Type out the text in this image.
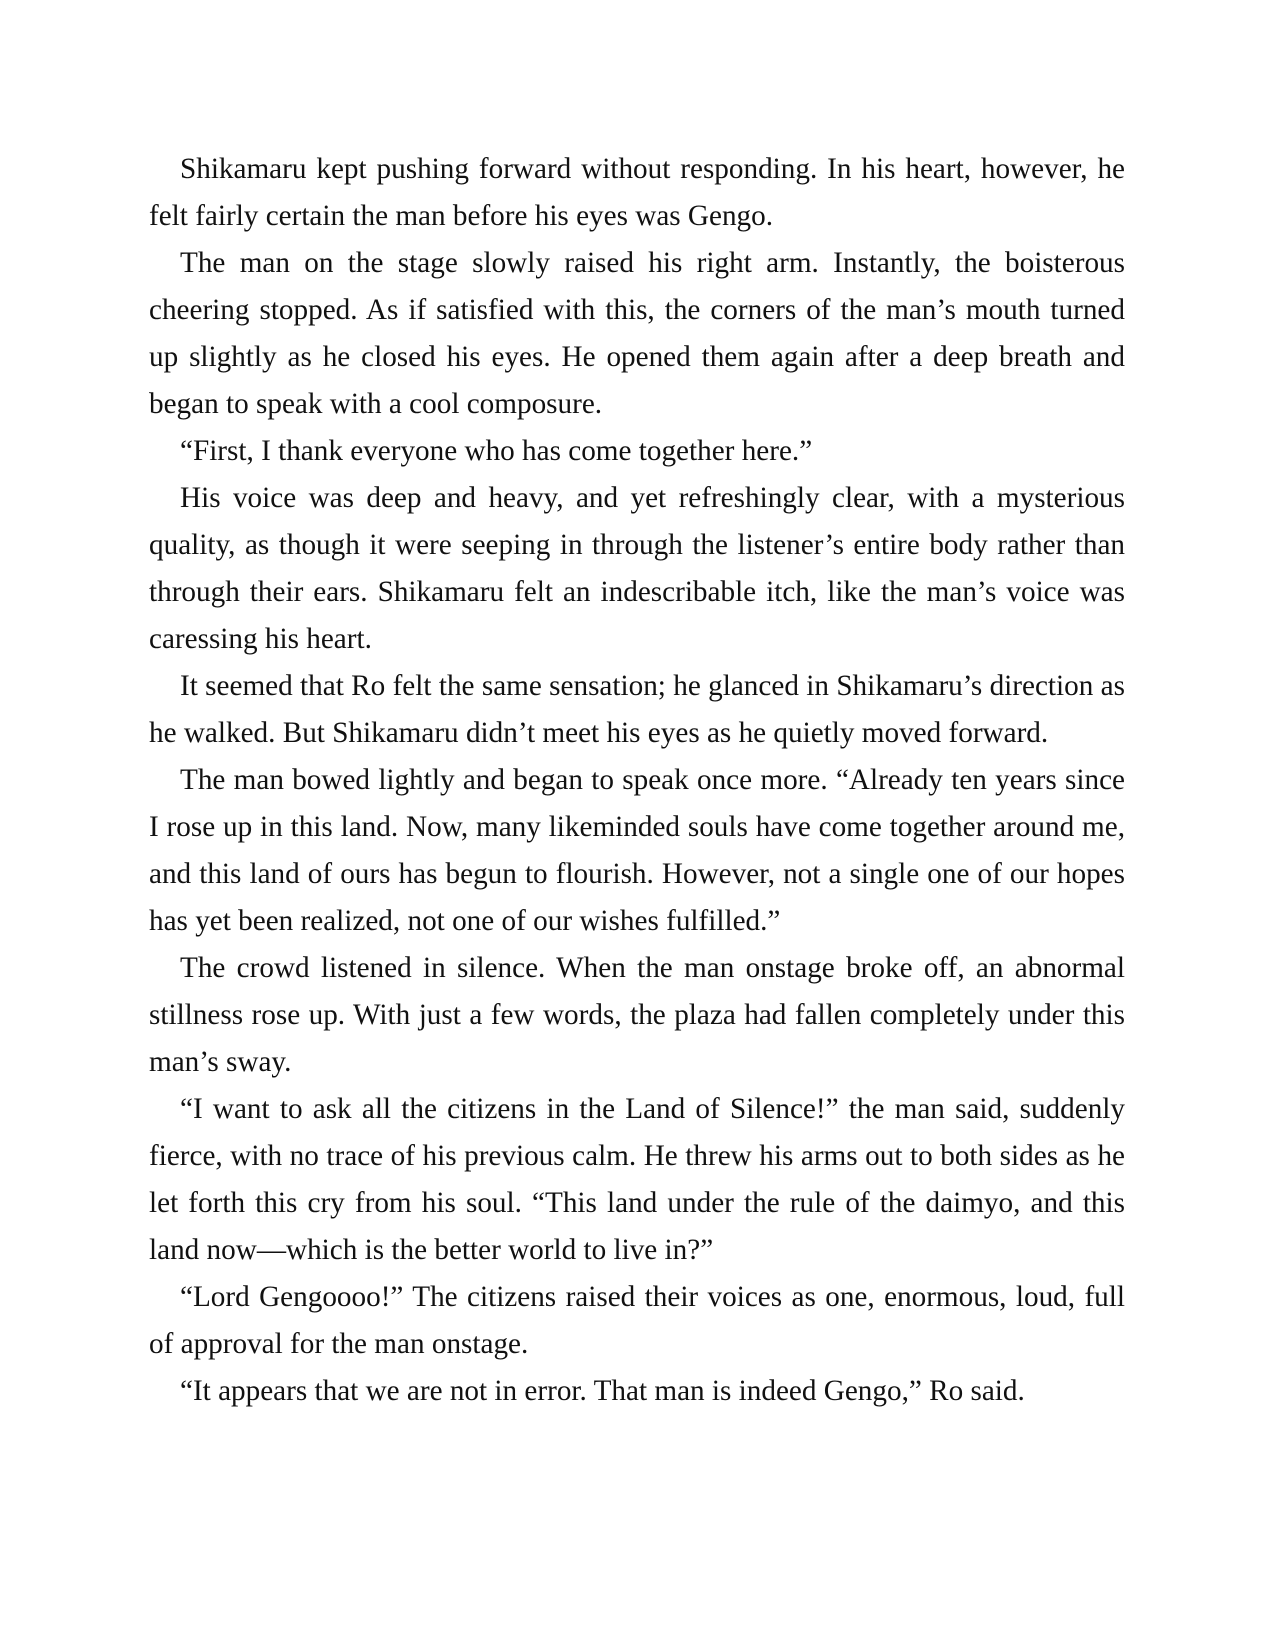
Shikamaru kept pushing forward without responding. In his heart, however, he felt fairly certain the man before his eyes was Gengo.

The man on the stage slowly raised his right arm. Instantly, the boisterous cheering stopped. As if satisfied with this, the corners of the man’s mouth turned up slightly as he closed his eyes. He opened them again after a deep breath and began to speak with a cool composure.

“First, I thank everyone who has come together here.”

His voice was deep and heavy, and yet refreshingly clear, with a mysterious quality, as though it were seeping in through the listener’s entire body rather than through their ears. Shikamaru felt an indescribable itch, like the man’s voice was caressing his heart.

It seemed that Ro felt the same sensation; he glanced in Shikamaru’s direction as he walked. But Shikamaru didn’t meet his eyes as he quietly moved forward.

The man bowed lightly and began to speak once more. “Already ten years since I rose up in this land. Now, many likeminded souls have come together around me, and this land of ours has begun to flourish. However, not a single one of our hopes has yet been realized, not one of our wishes fulfilled.”

The crowd listened in silence. When the man onstage broke off, an abnormal stillness rose up. With just a few words, the plaza had fallen completely under this man’s sway.

“I want to ask all the citizens in the Land of Silence!” the man said, suddenly fierce, with no trace of his previous calm. He threw his arms out to both sides as he let forth this cry from his soul. “This land under the rule of the daimyo, and this land now—which is the better world to live in?”

“Lord Gengoooo!” The citizens raised their voices as one, enormous, loud, full of approval for the man onstage.

“It appears that we are not in error. That man is indeed Gengo,” Ro said.
